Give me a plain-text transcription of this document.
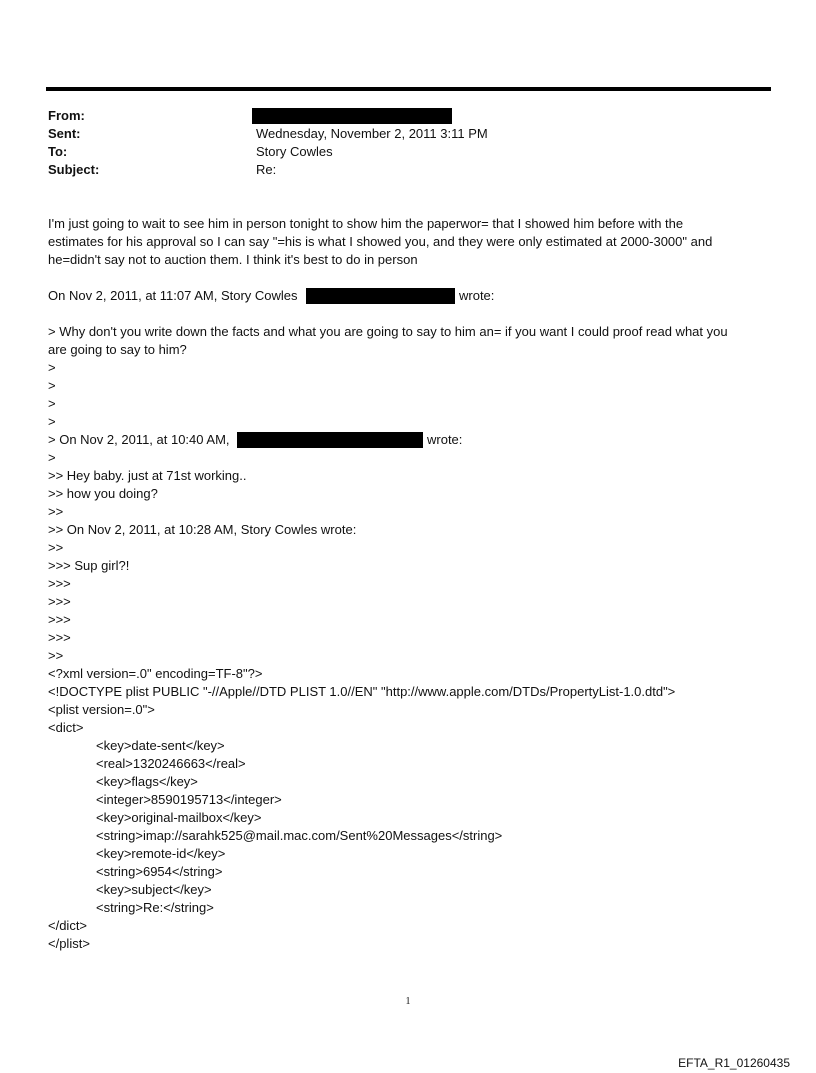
From:
Sent:	Wednesday, November 2, 2011 3:11 PM
To:	Story Cowles
Subject:	Re:
I'm just going to wait to see him in person tonight to show him the paperwor= that I showed him before with the
estimates for his approval so I can say "=his is what I showed you, and they were only estimated at 2000-3000" and
he=didn't say not to auction them. I think it's best to do in person
On Nov 2, 2011, at 11:07 AM, Story Cowles	wrote:
> Why don't you write down the facts and what you are going to say to him an= if you want I could proof read what you
are going to say to him?
>
>
>
>
> On Nov 2, 2011, at 10:40 AM,	wrote:
>
>> Hey baby. just at 71st working..
>> how you doing?
>>
>> On Nov 2, 2011, at 10:28 AM, Story Cowles wrote:
>>
>>> Sup girl?!
>>>
>>>
>>>
>>>
>>
<?xml version=.0" encoding=TF-8"?>
<!DOCTYPE plist PUBLIC "-//Apple//DTD PLIST 1.0//EN" "http://www.apple.com/DTDs/PropertyList-1.0.dtd">
<plist version=.0">
<dict>
<key>date-sent</key>
<real>1320246663</real>
<key>flags</key>
<integer>8590195713</integer>
<key>original-mailbox</key>
<string>imap://sarahk525@mail.mac.com/Sent%20Messages</string>
<key>remote-id</key>
<string>6954</string>
<key>subject</key>
<string>Re:</string>
</dict>
</plist>
1
EFTA_R1_01260435
